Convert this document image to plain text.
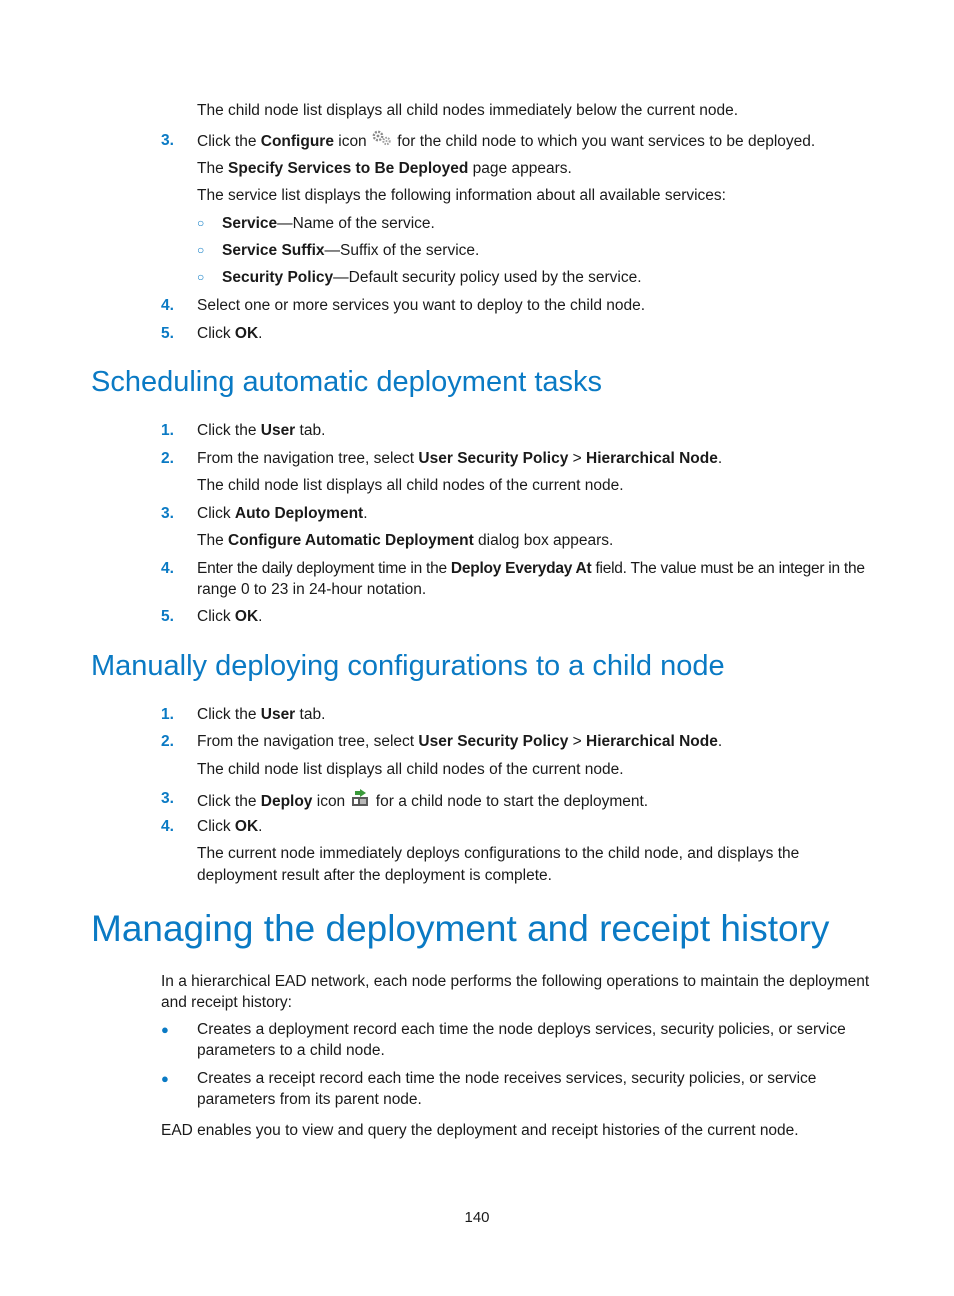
The child node list displays all child nodes immediately below the current node.
3.	Click the Configure icon  for the child node to which you want services to be deployed.
The Specify Services to Be Deployed page appears.
The service list displays the following information about all available services:
○ Service—Name of the service.
○ Service Suffix—Suffix of the service.
○ Security Policy—Default security policy used by the service.
4.	Select one or more services you want to deploy to the child node.
5.	Click OK.
Scheduling automatic deployment tasks
1.	Click the User tab.
2.	From the navigation tree, select User Security Policy > Hierarchical Node.
The child node list displays all child nodes of the current node.
3.	Click Auto Deployment.
The Configure Automatic Deployment dialog box appears.
4.	Enter the daily deployment time in the Deploy Everyday At field. The value must be an integer in the
range 0 to 23 in 24-hour notation.
5.	Click OK.
Manually deploying configurations to a child node
1.	Click the User tab.
2.	From the navigation tree, select User Security Policy > Hierarchical Node.
The child node list displays all child nodes of the current node.
3.	Click the Deploy icon  for a child node to start the deployment.
4.	Click OK.
The current node immediately deploys configurations to the child node, and displays the
deployment result after the deployment is complete.
Managing the deployment and receipt history
In a hierarchical EAD network, each node performs the following operations to maintain the deployment
and receipt history:
● Creates a deployment record each time the node deploys services, security policies, or service
parameters to a child node.
● Creates a receipt record each time the node receives services, security policies, or service
parameters from its parent node.
EAD enables you to view and query the deployment and receipt histories of the current node.
140
